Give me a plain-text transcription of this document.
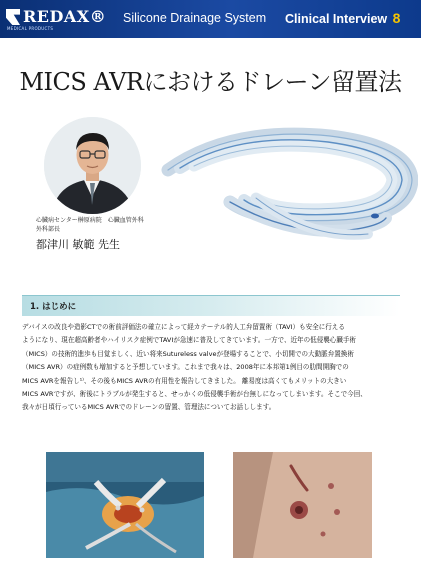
REDAX®
MEDICAL PRODUCTS
Silicone Drainage System Clinical Interview 8
MICS AVRにおけるドレーン留置法
心臓病センター榊原病院　心臓血管外科
外科部長
都津川 敏範 先生
1. はじめに
デバイスの改良や造影CTでの術前評価法の確立によって経カテーテル的人工弁留置術（TAVI）も安全に行える
ようになり、現在超高齢者やハイリスク症例でTAVIが急速に普及してきています。一方で、近年の低侵襲心臓手術
（MICS）の技術的進歩も目覚ましく、近い将来Sutureless valveが登場することで、小切開での大動脈弁置換術
（MICS AVR）の症例数も増加すると予想しています。これまで我々は、2008年に本邦第1例目の肋間開胸での
MICS AVRを報告し¹⁾、その後もMICS AVRの有用性を報告してきました。 離易度は高くてもメリットの大きい
MICS AVRですが、術後にトラブルが発生すると、せっかくの低侵襲手術が台無しになってしまいます。そこで今回、
我々が日頃行っているMICS AVRでのドレーンの留置、管理法についてお話しします。
